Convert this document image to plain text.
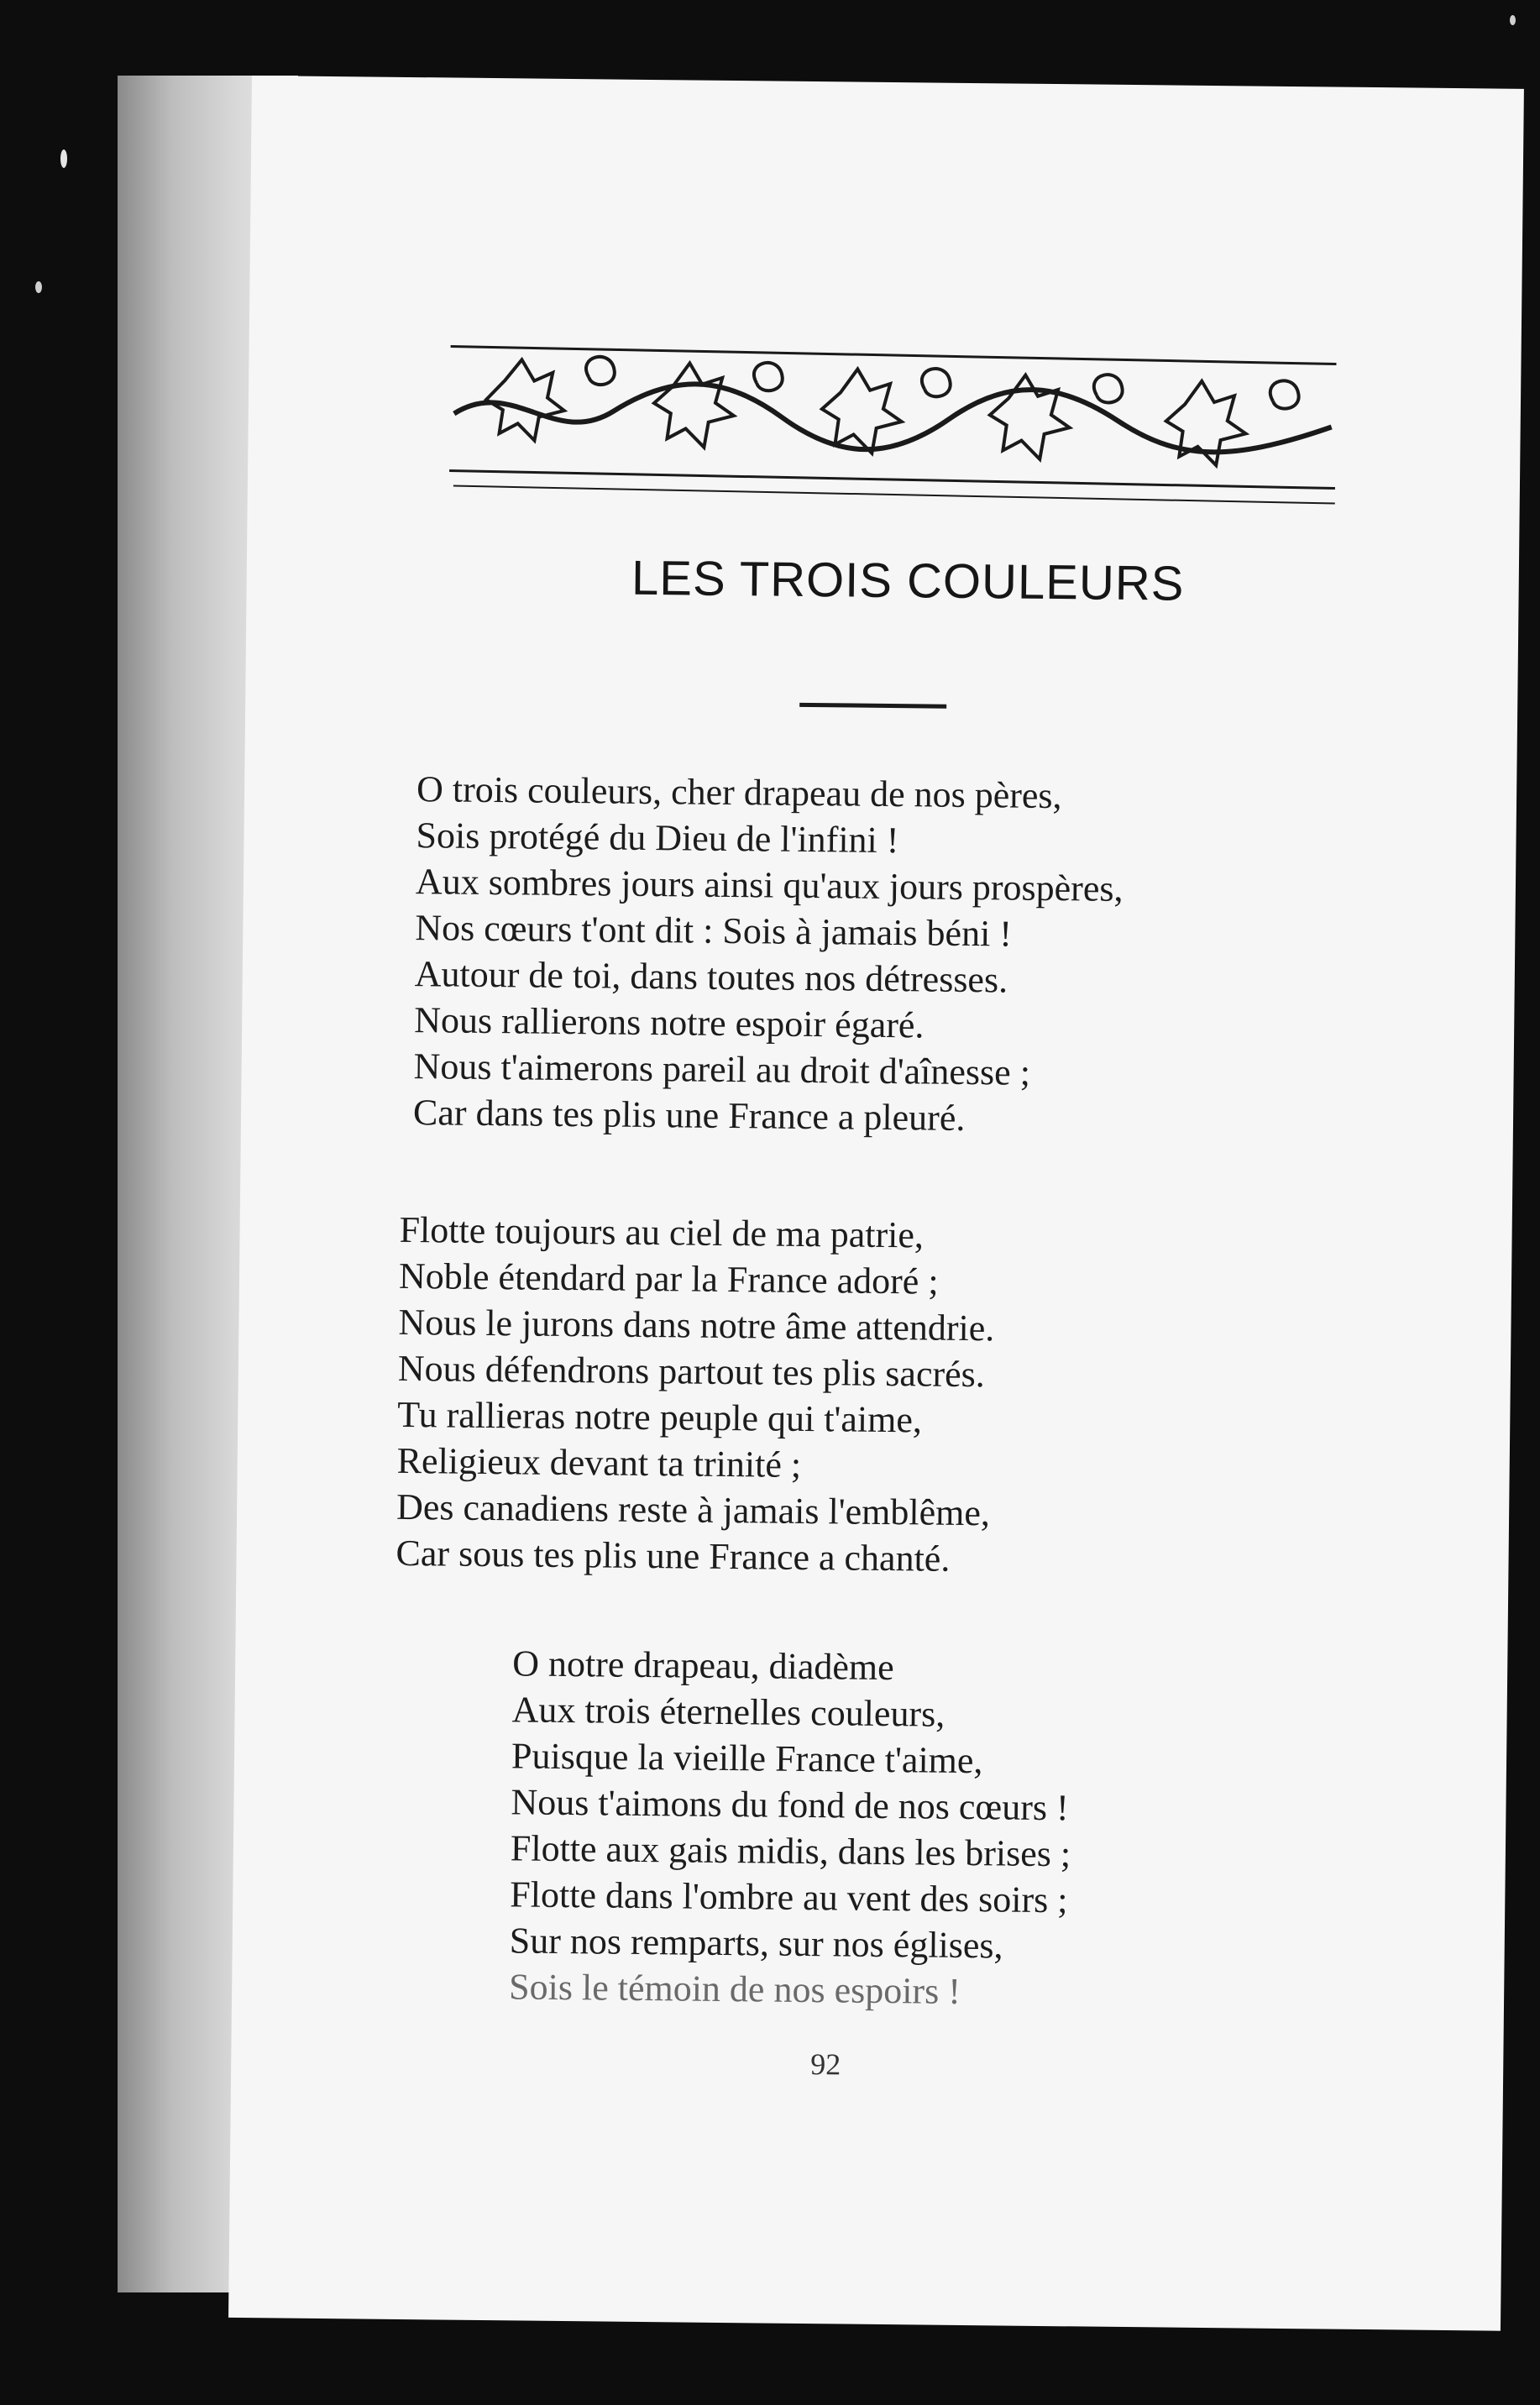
LES TROIS COULEURS
O trois couleurs, cher drapeau de nos pères,
Sois protégé du Dieu de l'infini !
Aux sombres jours ainsi qu'aux jours prospères,
Nos cœurs t'ont dit : Sois à jamais béni !
Autour de toi, dans toutes nos détresses.
Nous rallierons notre espoir égaré.
Nous t'aimerons pareil au droit d'aînesse ;
Car dans tes plis une France a pleuré.
Flotte toujours au ciel de ma patrie,
Noble étendard par la France adoré ;
Nous le jurons dans notre âme attendrie.
Nous défendrons partout tes plis sacrés.
Tu rallieras notre peuple qui t'aime,
Religieux devant ta trinité ;
Des canadiens reste à jamais l'emblême,
Car sous tes plis une France a chanté.
O notre drapeau, diadème
Aux trois éternelles couleurs,
Puisque la vieille France t'aime,
Nous t'aimons du fond de nos cœurs !
Flotte aux gais midis, dans les brises ;
Flotte dans l'ombre au vent des soirs ;
Sur nos remparts, sur nos églises,
Sois le témoin de nos espoirs !
92
